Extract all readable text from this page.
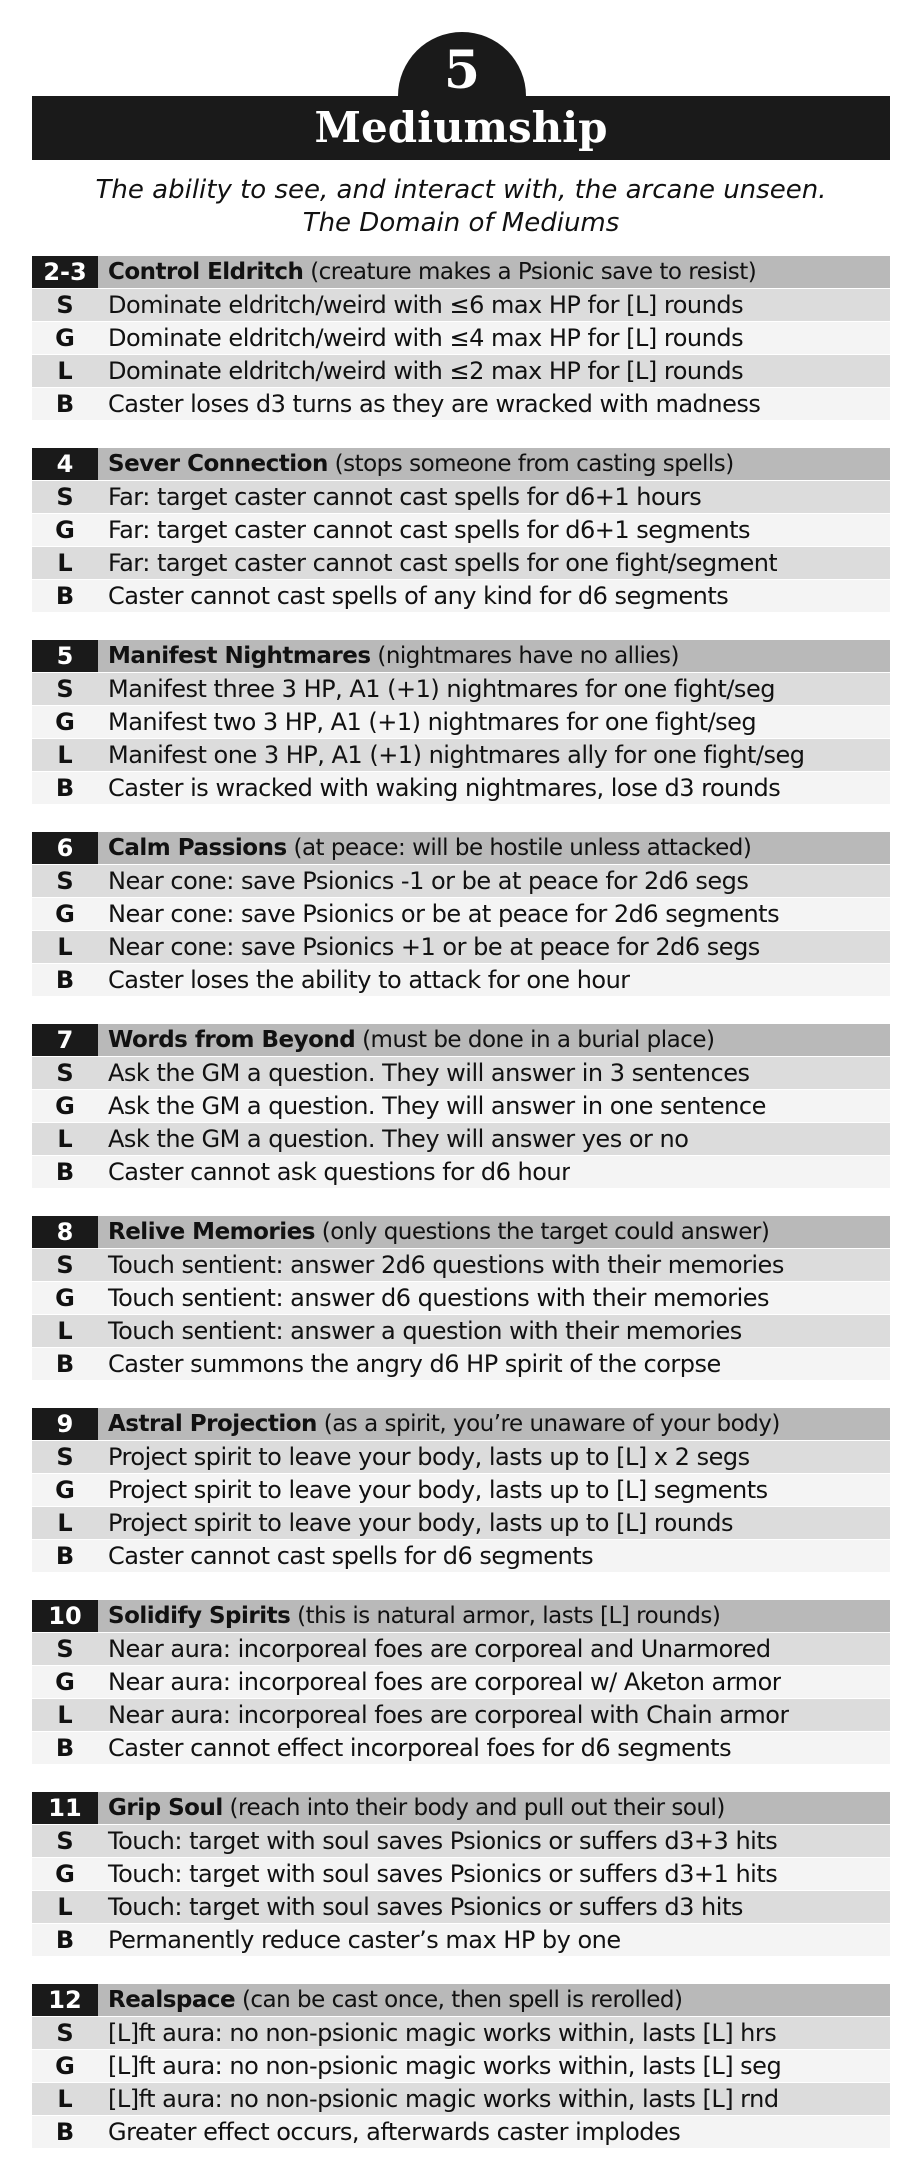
Mediumship
5
The ability to see, and interact with, the arcane unseen.
The Domain of Mediums
2-3 Control Eldritch (creature makes a Psionic save to resist)
S	Dominate eldritch/weird with ≤6 max HP for [L] rounds
G	Dominate eldritch/weird with ≤4 max HP for [L] rounds
L	Dominate eldritch/weird with ≤2 max HP for [L] rounds
B	Caster loses d3 turns as they are wracked with madness
4	Sever Connection (stops someone from casting spells)
S	Far: target caster cannot cast spells for d6+1 hours
G	Far: target caster cannot cast spells for d6+1 segments
L	Far: target caster cannot cast spells for one fight/segment
B	Caster cannot cast spells of any kind for d6 segments
5	Manifest Nightmares (nightmares have no allies)
S	Manifest three 3 HP, A1 (+1) nightmares for one fight/seg
G	Manifest two 3 HP, A1 (+1) nightmares for one fight/seg
L	Manifest one 3 HP, A1 (+1) nightmares ally for one fight/seg
B	Caster is wracked with waking nightmares, lose d3 rounds
6	Calm Passions (at peace: will be hostile unless attacked)
S	Near cone: save Psionics -1 or be at peace for 2d6 segs
G	Near cone: save Psionics or be at peace for 2d6 segments
L	Near cone: save Psionics +1 or be at peace for 2d6 segs
B	Caster loses the ability to attack for one hour
7	Words from Beyond (must be done in a burial place)
S	Ask the GM a question. They will answer in 3 sentences
G	Ask the GM a question. They will answer in one sentence
L	Ask the GM a question. They will answer yes or no
B	Caster cannot ask questions for d6 hour
8	Relive Memories (only questions the target could answer)
S	Touch sentient: answer 2d6 questions with their memories
G	Touch sentient: answer d6 questions with their memories
L	Touch sentient: answer a question with their memories
B	Caster summons the angry d6 HP spirit of the corpse
9	Astral Projection (as a spirit, you’re unaware of your body)
S	Project spirit to leave your body, lasts up to [L] x 2 segs
G	Project spirit to leave your body, lasts up to [L] segments
L	Project spirit to leave your body, lasts up to [L] rounds
B	Caster cannot cast spells for d6 segments
10	Solidify Spirits (this is natural armor, lasts [L] rounds)
S	Near aura: incorporeal foes are corporeal and Unarmored
G	Near aura: incorporeal foes are corporeal w/ Aketon armor
L	Near aura: incorporeal foes are corporeal with Chain armor
B	Caster cannot effect incorporeal foes for d6 segments
11	Grip Soul (reach into their body and pull out their soul)
S	Touch: target with soul saves Psionics or suffers d3+3 hits
G	Touch: target with soul saves Psionics or suffers d3+1 hits
L	Touch: target with soul saves Psionics or suffers d3 hits
B	Permanently reduce caster’s max HP by one
12	Realspace (can be cast once, then spell is rerolled)
S	[L]ft aura: no non-psionic magic works within, lasts [L] hrs
G	[L]ft aura: no non-psionic magic works within, lasts [L] seg
L	[L]ft aura: no non-psionic magic works within, lasts [L] rnd
B	Greater effect occurs, afterwards caster implodes
